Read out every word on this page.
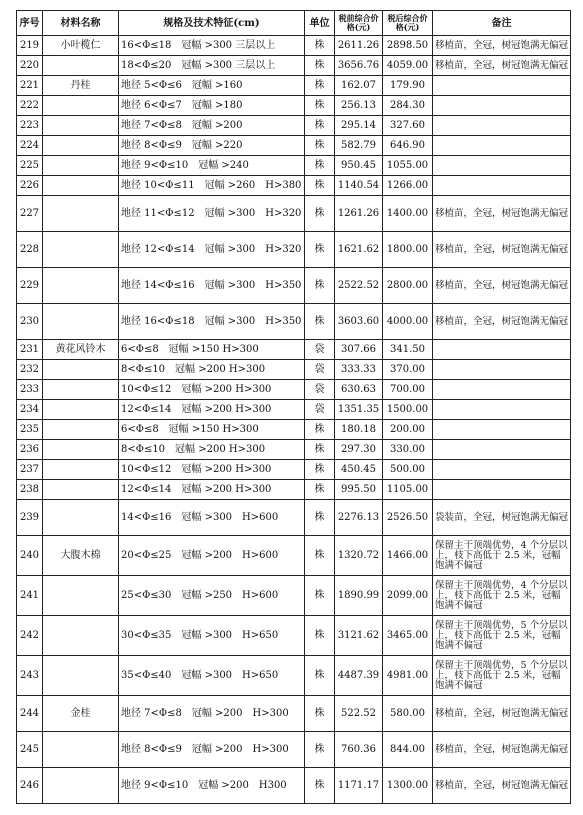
序号	材料名称	规格及技术特征(cm)	单位	税前综合价格(元)	税后综合价格(元)	备注
219	小叶榄仁	16<Φ≤18　冠幅 >300 三层以上	株	2611.26	2898.50	移植苗，全冠，树冠饱满无偏冠
220		18<Φ≤20　冠幅 >300 三层以上	株	3656.76	4059.00	移植苗，全冠，树冠饱满无偏冠
221	丹桂	地径 5<Φ≤6　冠幅 >160	株	162.07	179.90	
222		地径 6<Φ≤7　冠幅 >180	株	256.13	284.30	
223		地径 7<Φ≤8　冠幅 >200	株	295.14	327.60	
224		地径 8<Φ≤9　冠幅 >220	株	582.79	646.90	
225		地径 9<Φ≤10　冠幅 >240	株	950.45	1055.00	
226		地径 10<Φ≤11　冠幅 >260　H>380	株	1140.54	1266.00	
227		地径 11<Φ≤12　冠幅 >300　H>320	株	1261.26	1400.00	移植苗，全冠，树冠饱满无偏冠
228		地径 12<Φ≤14　冠幅 >300　H>320	株	1621.62	1800.00	移植苗，全冠，树冠饱满无偏冠
229		地径 14<Φ≤16　冠幅 >300　H>350	株	2522.52	2800.00	移植苗，全冠，树冠饱满无偏冠
230		地径 16<Φ≤18　冠幅 >300　H>350	株	3603.60	4000.00	移植苗，全冠，树冠饱满无偏冠
231	黄花风铃木	6<Φ≤8　冠幅 >150 H>300	袋	307.66	341.50	
232		8<Φ≤10　冠幅 >200 H>300	袋	333.33	370.00	
233		10<Φ≤12　冠幅 >200 H>300	袋	630.63	700.00	
234		12<Φ≤14　冠幅 >200 H>300	袋	1351.35	1500.00	
235		6<Φ≤8　冠幅 >150 H>300	株	180.18	200.00	
236		8<Φ≤10　冠幅 >200 H>300	株	297.30	330.00	
237		10<Φ≤12　冠幅 >200 H>300	株	450.45	500.00	
238		12<Φ≤14　冠幅 >200 H>300	株	995.50	1105.00	
239		14<Φ≤16　冠幅 >300　H>600	株	2276.13	2526.50	袋装苗，全冠，树冠饱满无偏冠
240	大腹木棉	20<Φ≤25　冠幅 >200　H>600	株	1320.72	1466.00	保留主干顶端优势，4 个分层以上，枝下高低于 2.5 米，冠幅饱满不偏冠
241		25<Φ≤30　冠幅 >250　H>600	株	1890.99	2099.00	保留主干顶端优势，4 个分层以上，枝下高低于 2.5 米，冠幅饱满不偏冠
242		30<Φ≤35　冠幅 >300　H>650	株	3121.62	3465.00	保留主干顶端优势，5 个分层以上，枝下高低于 2.5 米，冠幅饱满不偏冠
243		35<Φ≤40　冠幅 >300　H>650	株	4487.39	4981.00	保留主干顶端优势，5 个分层以上，枝下高低于 2.5 米，冠幅饱满不偏冠
244	金桂	地径 7<Φ≤8　冠幅 >200　H>300	株	522.52	580.00	移植苗，全冠，树冠饱满无偏冠
245		地径 8<Φ≤9　冠幅 >200　H>300	株	760.36	844.00	移植苗，全冠，树冠饱满无偏冠
246		地径 9<Φ≤10　冠幅 >200　H300	株	1171.17	1300.00	移植苗，全冠，树冠饱满无偏冠
